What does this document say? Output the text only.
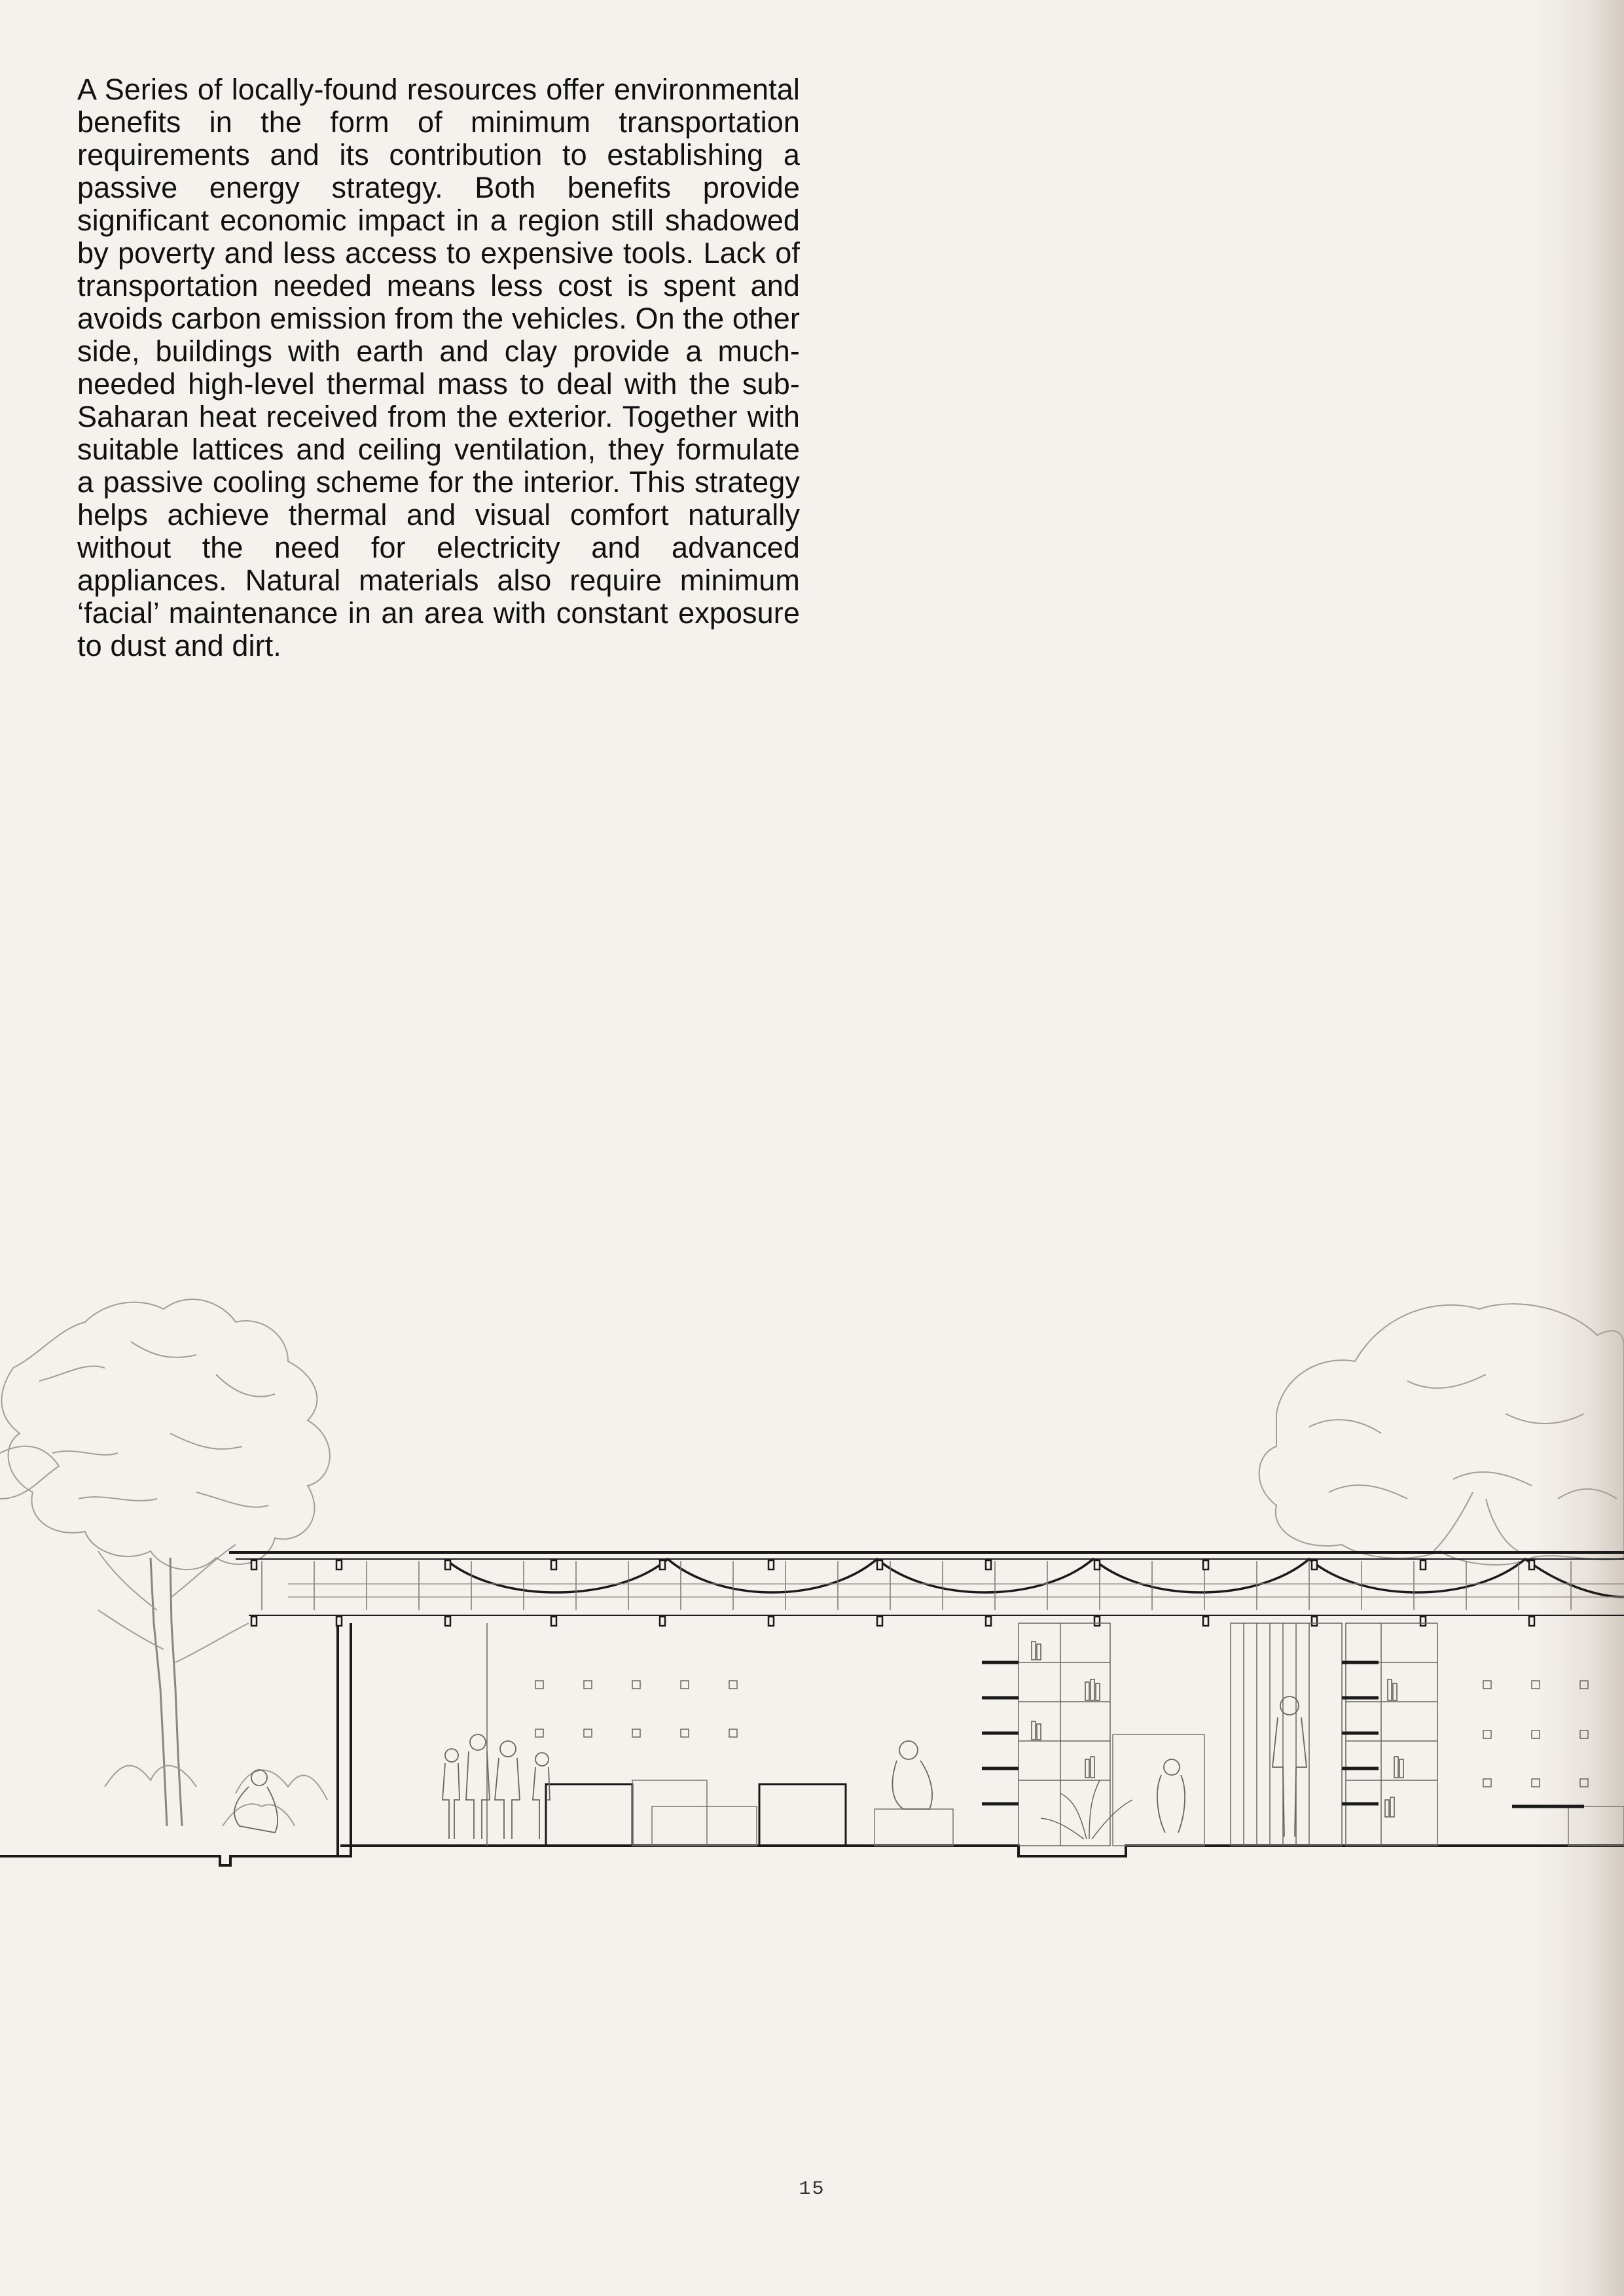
A Series of locally-found resources offer environmental benefits in the form of minimum transportation requirements and its contribution to establishing a passive energy strategy. Both benefits provide significant economic impact in a region still shadowed by poverty and less access to expensive tools. Lack of transportation needed means less cost is spent and avoids carbon emission from the vehicles. On the other side, buildings with earth and clay provide a much-needed high-level thermal mass to deal with the sub-Saharan heat received from the exterior. Together with suitable lattices and ceiling ventilation, they formulate a passive cooling scheme for the interior. This strategy helps achieve thermal and visual comfort naturally without the need for electricity and advanced appliances. Natural materials also require minimum ‘facial’ maintenance in an area with constant exposure to dust and dirt.

15
